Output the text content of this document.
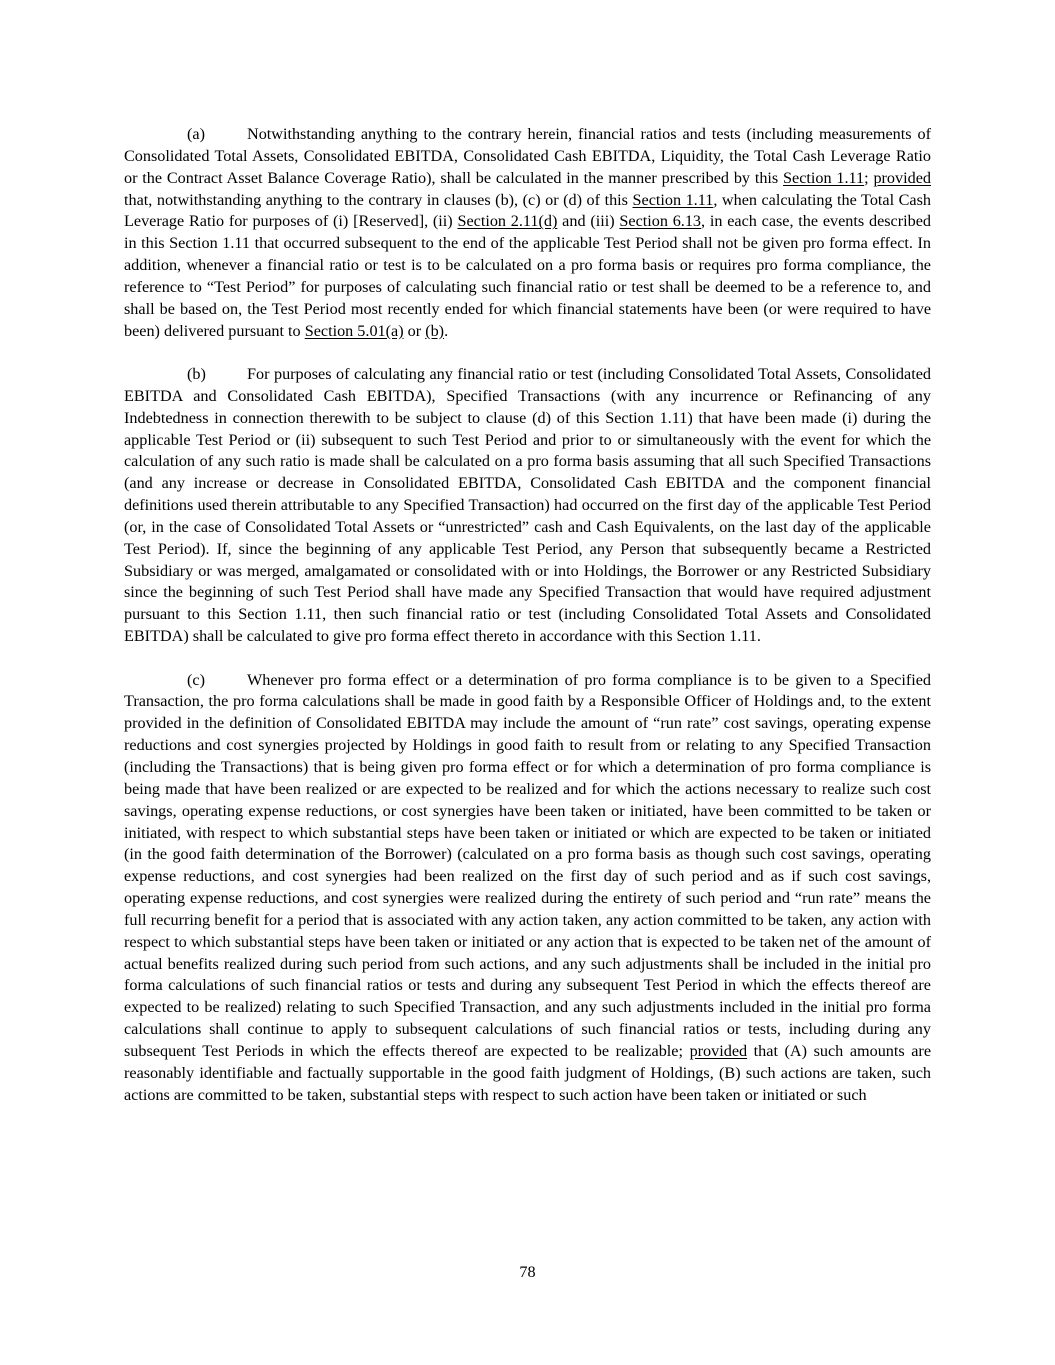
(a)	Notwithstanding anything to the contrary herein, financial ratios and tests (including measurements of Consolidated Total Assets, Consolidated EBITDA, Consolidated Cash EBITDA, Liquidity, the Total Cash Leverage Ratio or the Contract Asset Balance Coverage Ratio), shall be calculated in the manner prescribed by this Section 1.11; provided that, notwithstanding anything to the contrary in clauses (b), (c) or (d) of this Section 1.11, when calculating the Total Cash Leverage Ratio for purposes of (i) [Reserved], (ii) Section 2.11(d) and (iii) Section 6.13, in each case, the events described in this Section 1.11 that occurred subsequent to the end of the applicable Test Period shall not be given pro forma effect. In addition, whenever a financial ratio or test is to be calculated on a pro forma basis or requires pro forma compliance, the reference to “Test Period” for purposes of calculating such financial ratio or test shall be deemed to be a reference to, and shall be based on, the Test Period most recently ended for which financial statements have been (or were required to have been) delivered pursuant to Section 5.01(a) or (b).

(b)	For purposes of calculating any financial ratio or test (including Consolidated Total Assets, Consolidated EBITDA and Consolidated Cash EBITDA), Specified Transactions (with any incurrence or Refinancing of any Indebtedness in connection therewith to be subject to clause (d) of this Section 1.11) that have been made (i) during the applicable Test Period or (ii) subsequent to such Test Period and prior to or simultaneously with the event for which the calculation of any such ratio is made shall be calculated on a pro forma basis assuming that all such Specified Transactions (and any increase or decrease in Consolidated EBITDA, Consolidated Cash EBITDA and the component financial definitions used therein attributable to any Specified Transaction) had occurred on the first day of the applicable Test Period (or, in the case of Consolidated Total Assets or “unrestricted” cash and Cash Equivalents, on the last day of the applicable Test Period). If, since the beginning of any applicable Test Period, any Person that subsequently became a Restricted Subsidiary or was merged, amalgamated or consolidated with or into Holdings, the Borrower or any Restricted Subsidiary since the beginning of such Test Period shall have made any Specified Transaction that would have required adjustment pursuant to this Section 1.11, then such financial ratio or test (including Consolidated Total Assets and Consolidated EBITDA) shall be calculated to give pro forma effect thereto in accordance with this Section 1.11.

(c)	Whenever pro forma effect or a determination of pro forma compliance is to be given to a Specified Transaction, the pro forma calculations shall be made in good faith by a Responsible Officer of Holdings and, to the extent provided in the definition of Consolidated EBITDA may include the amount of “run rate” cost savings, operating expense reductions and cost synergies projected by Holdings in good faith to result from or relating to any Specified Transaction (including the Transactions) that is being given pro forma effect or for which a determination of pro forma compliance is being made that have been realized or are expected to be realized and for which the actions necessary to realize such cost savings, operating expense reductions, or cost synergies have been taken or initiated, have been committed to be taken or initiated, with respect to which substantial steps have been taken or initiated or which are expected to be taken or initiated (in the good faith determination of the Borrower) (calculated on a pro forma basis as though such cost savings, operating expense reductions, and cost synergies had been realized on the first day of such period and as if such cost savings, operating expense reductions, and cost synergies were realized during the entirety of such period and “run rate” means the full recurring benefit for a period that is associated with any action taken, any action committed to be taken, any action with respect to which substantial steps have been taken or initiated or any action that is expected to be taken net of the amount of actual benefits realized during such period from such actions, and any such adjustments shall be included in the initial pro forma calculations of such financial ratios or tests and during any subsequent Test Period in which the effects thereof are expected to be realized) relating to such Specified Transaction, and any such adjustments included in the initial pro forma calculations shall continue to apply to subsequent calculations of such financial ratios or tests, including during any subsequent Test Periods in which the effects thereof are expected to be realizable; provided that (A) such amounts are reasonably identifiable and factually supportable in the good faith judgment of Holdings, (B) such actions are taken, such actions are committed to be taken, substantial steps with respect to such action have been taken or initiated or such

78
